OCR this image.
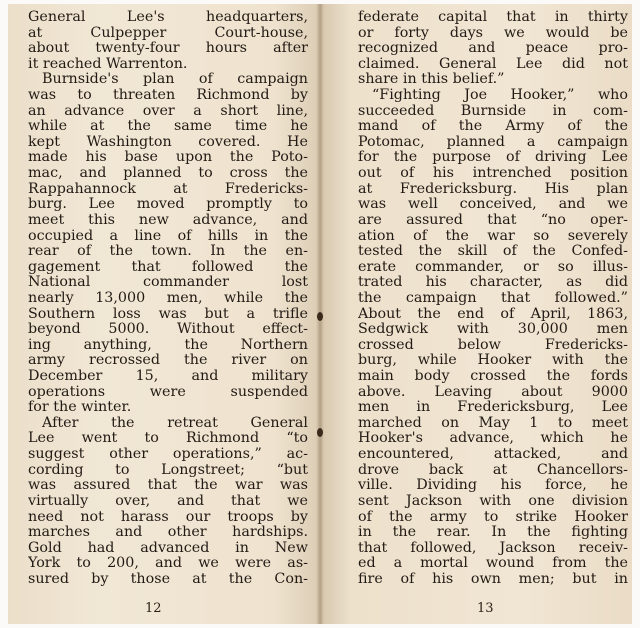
General Lee's headquarters,
at Culpepper Court-house,
about twenty-four hours after
it reached Warrenton.
Burnside's plan of campaign
was to threaten Richmond by
an advance over a short line,
while at the same time he
kept Washington covered. He
made his base upon the Poto-
mac, and planned to cross the
Rappahannock at Fredericks-
burg. Lee moved promptly to
meet this new advance, and
occupied a line of hills in the
rear of the town. In the en-
gagement that followed the
National commander lost
nearly 13,000 men, while the
Southern loss was but a trifle
beyond 5000. Without effect-
ing anything, the Northern
army recrossed the river on
December 15, and military
operations were suspended
for the winter.
After the retreat General
Lee went to Richmond “to
suggest other operations,” ac-
cording to Longstreet; “but
was assured that the war was
virtually over, and that we
need not harass our troops by
marches and other hardships.
Gold had advanced in New
York to 200, and we were as-
sured by those at the Con-
12
federate capital that in thirty
or forty days we would be
recognized and peace pro-
claimed. General Lee did not
share in this belief.”
“Fighting Joe Hooker,” who
succeeded Burnside in com-
mand of the Army of the
Potomac, planned a campaign
for the purpose of driving Lee
out of his intrenched position
at Fredericksburg. His plan
was well conceived, and we
are assured that “no oper-
ation of the war so severely
tested the skill of the Confed-
erate commander, or so illus-
trated his character, as did
the campaign that followed.”
About the end of April, 1863,
Sedgwick with 30,000 men
crossed below Fredericks-
burg, while Hooker with the
main body crossed the fords
above. Leaving about 9000
men in Fredericksburg, Lee
marched on May 1 to meet
Hooker's advance, which he
encountered, attacked, and
drove back at Chancellors-
ville. Dividing his force, he
sent Jackson with one division
of the army to strike Hooker
in the rear. In the fighting
that followed, Jackson receiv-
ed a mortal wound from the
fire of his own men; but in
13
